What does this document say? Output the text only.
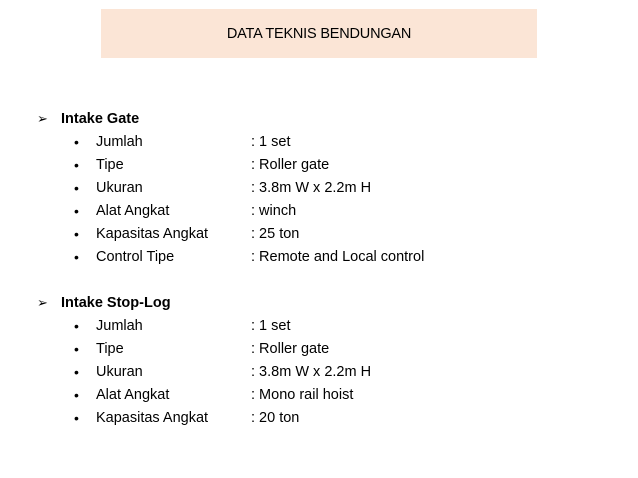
DATA TEKNIS BENDUNGAN
➢ Intake Gate
•	Jumlah	: 1 set
•	Tipe	: Roller gate
•	Ukuran	: 3.8m W x 2.2m H
•	Alat Angkat	: winch
•	Kapasitas Angkat	: 25 ton
•	Control Tipe	: Remote and Local control
➢ Intake Stop-Log
•	Jumlah	: 1 set
•	Tipe	: Roller gate
•	Ukuran	: 3.8m W x 2.2m H
•	Alat Angkat	: Mono rail hoist
•	Kapasitas Angkat	: 20 ton
